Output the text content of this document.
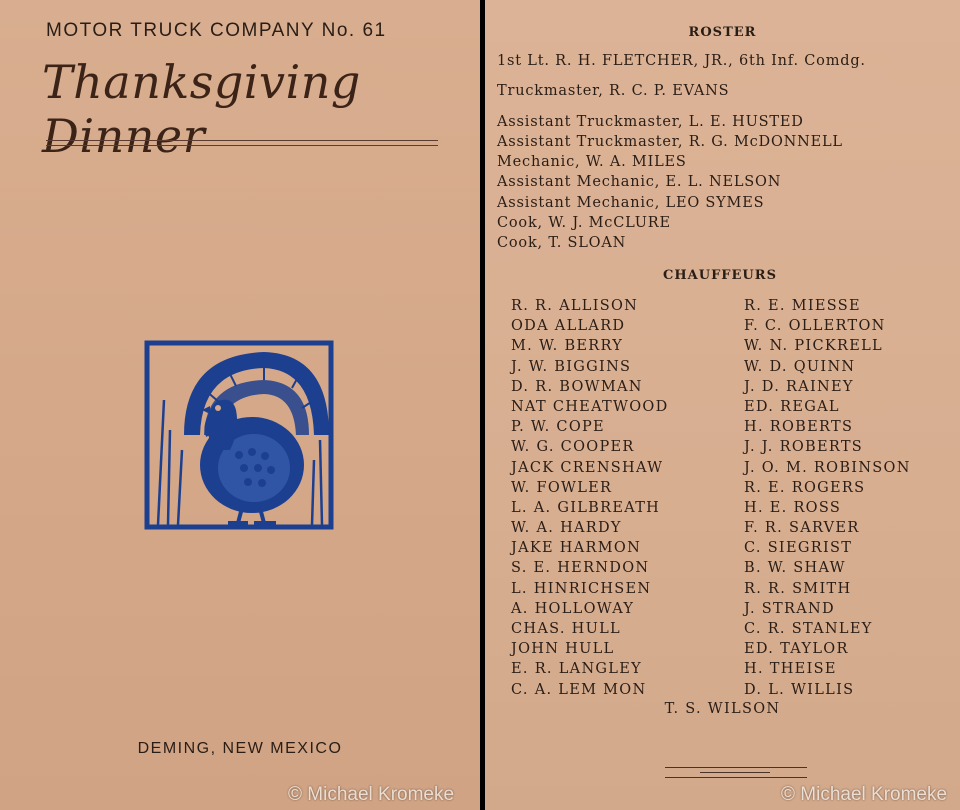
MOTOR TRUCK COMPANY No. 61
Thanksgiving Dinner
DEMING, NEW MEXICO
© Michael Kromeke
ROSTER
1st Lt. R. H. FLETCHER, JR., 6th Inf. Comdg.
Truckmaster, R. C. P. EVANS
Assistant Truckmaster, L. E. HUSTED
Assistant Truckmaster, R. G. McDONNELL
Mechanic, W. A. MILES
Assistant Mechanic, E. L. NELSON
Assistant Mechanic, LEO SYMES
Cook, W. J. McCLURE
Cook, T. SLOAN
CHAUFFEURS
R. R. ALLISON
ODA ALLARD
M. W. BERRY
J. W. BIGGINS
D. R. BOWMAN
NAT CHEATWOOD
P. W. COPE
W. G. COOPER
JACK CRENSHAW
W. FOWLER
L. A. GILBREATH
W. A. HARDY
JAKE HARMON
S. E. HERNDON
L. HINRICHSEN
A. HOLLOWAY
CHAS. HULL
JOHN HULL
E. R. LANGLEY
C. A. LEM MON
R. E. MIESSE
F. C. OLLERTON
W. N. PICKRELL
W. D. QUINN
J. D. RAINEY
ED. REGAL
H. ROBERTS
J. J. ROBERTS
J. O. M. ROBINSON
R. E. ROGERS
H. E. ROSS
F. R. SARVER
C. SIEGRIST
B. W. SHAW
R. R. SMITH
J. STRAND
C. R. STANLEY
ED. TAYLOR
H. THEISE
D. L. WILLIS
T. S. WILSON
© Michael Kromeke
